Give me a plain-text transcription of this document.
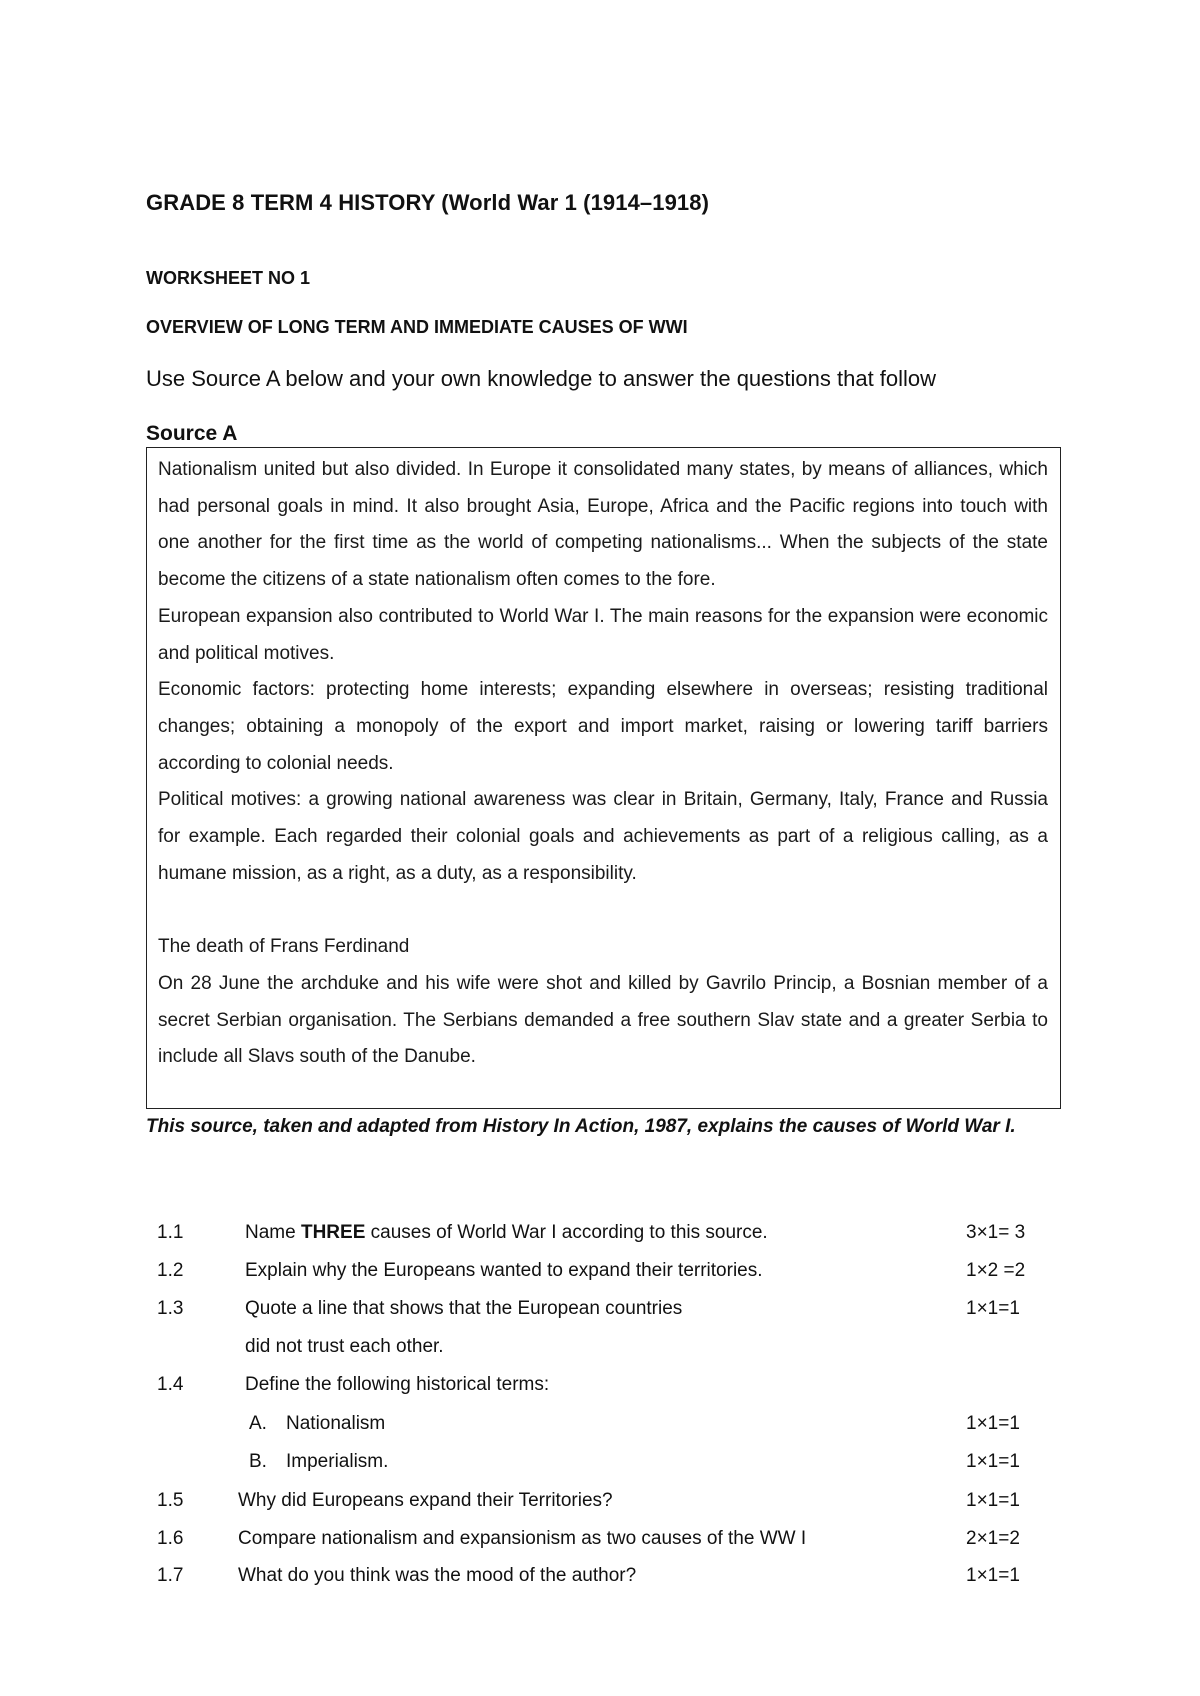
GRADE 8 TERM 4 HISTORY (World War 1 (1914–1918)
WORKSHEET NO 1
OVERVIEW OF LONG TERM AND IMMEDIATE CAUSES OF WWI
Use Source A below and your own knowledge to answer the questions that follow
Source A

Nationalism united but also divided. In Europe it consolidated many states, by means of alliances, which had personal goals in mind. It also brought Asia, Europe, Africa and the Pacific regions into touch with one another for the first time as the world of competing nationalisms... When the subjects of the state become the citizens of a state nationalism often comes to the fore.

European expansion also contributed to World War I. The main reasons for the expansion were economic and political motives.

Economic factors: protecting home interests; expanding elsewhere in overseas; resisting traditional changes; obtaining a monopoly of the export and import market, raising or lowering tariff barriers according to colonial needs.

Political motives: a growing national awareness was clear in Britain, Germany, Italy, France and Russia for example. Each regarded their colonial goals and achievements as part of a religious calling, as a humane mission, as a right, as a duty, as a responsibility.

The death of Frans Ferdinand

On 28 June the archduke and his wife were shot and killed by Gavrilo Princip, a Bosnian member of a secret Serbian organisation. The Serbians demanded a free southern Slav state and a greater Serbia to include all Slavs south of the Danube.

This source, taken and adapted from History In Action, 1987, explains the causes of World War I.
1.1	Name THREE causes of World War I according to this source.	3×1= 3
1.2	Explain why the Europeans wanted to expand their territories.	1×2 =2
1.3	Quote a line that shows that the European countries	1×1=1
did not trust each other.
1.4	Define the following historical terms:
A. Nationalism	1×1=1
B. Imperialism.	1×1=1
1.5	Why did Europeans expand their Territories?	1×1=1
1.6	Compare nationalism and expansionism as two causes of the WW I	2×1=2
1.7	What do you think was the mood of the author?	1×1=1
